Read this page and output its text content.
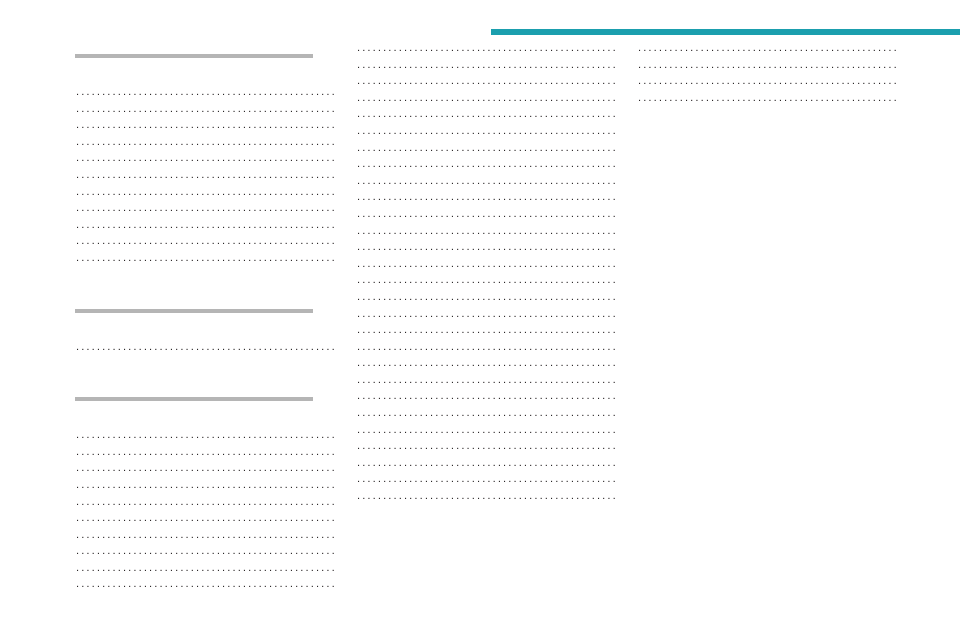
. . .
. . .
. . .
. . .
. . .
. . .
. . .
. . .
. . .
. . .
. . .
. . .
. . .
. . .
. . .
. . .
. . .
. . .
. . .
. . .
. . .
. . .
. . .
. . .
. . .
. . .
. . .
. . .
. . .
. . .
. . .
. . .
. . .
. . .
. . .
. . .
. . .
. . .
. . .
. . .
. . .
. . .
. . .
. . .
. . .
. . .
. . .
. . .
. . .
. . .
. . .
. . .
. . .
. . .
